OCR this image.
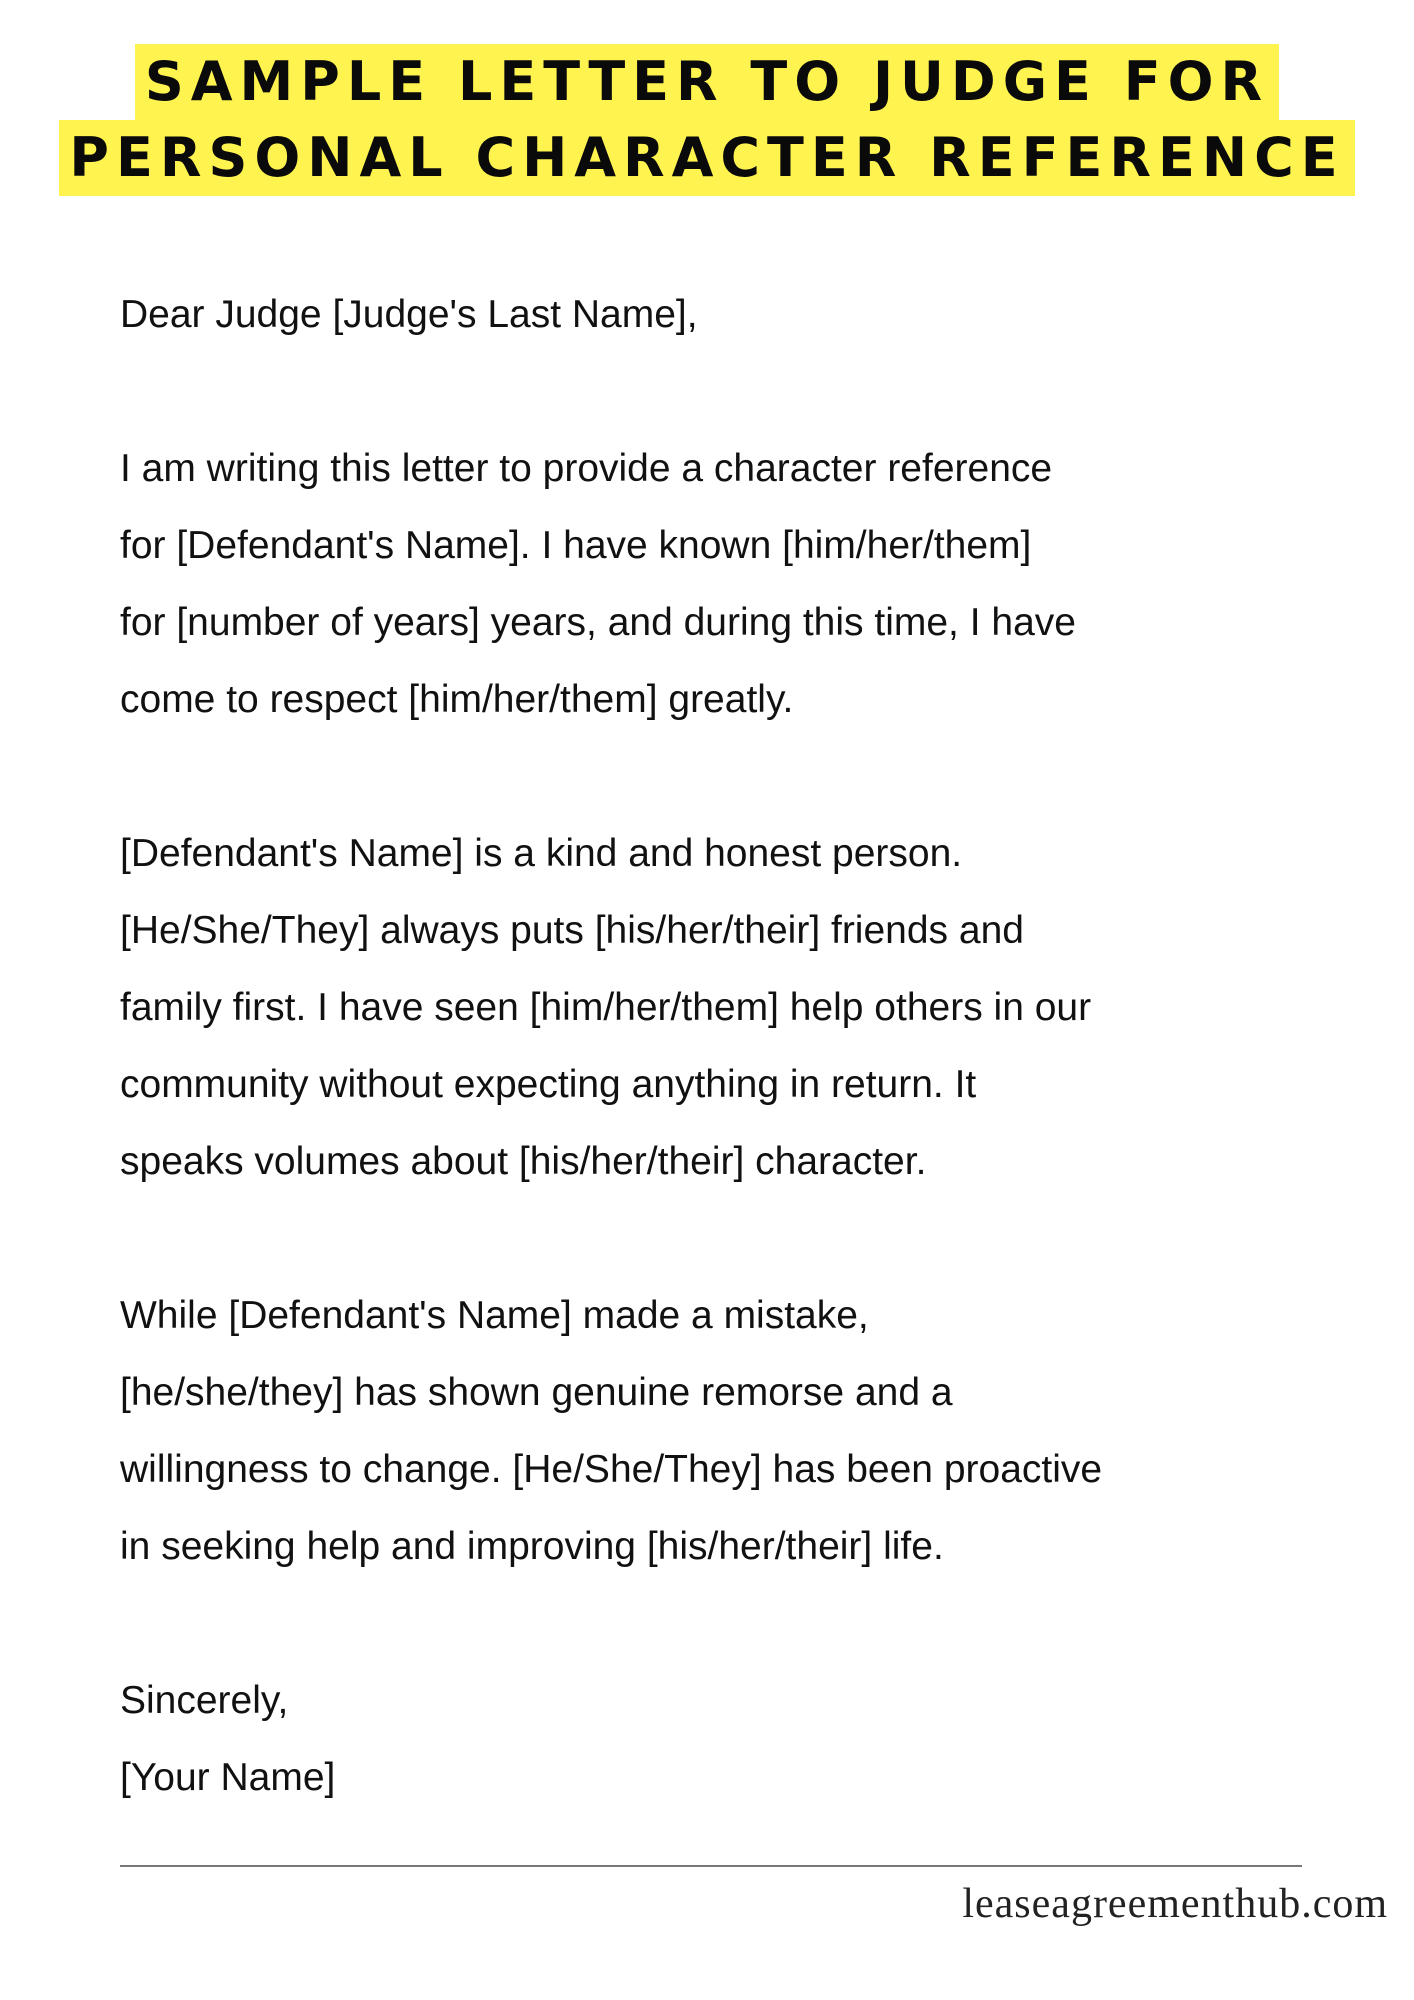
SAMPLE LETTER TO JUDGE FOR
PERSONAL CHARACTER REFERENCE

Dear Judge [Judge's Last Name],

I am writing this letter to provide a character reference

for [Defendant's Name]. I have known [him/her/them]

for [number of years] years, and during this time, I have

come to respect [him/her/them] greatly.

[Defendant's Name] is a kind and honest person.

[He/She/They] always puts [his/her/their] friends and

family first. I have seen [him/her/them] help others in our

community without expecting anything in return. It

speaks volumes about [his/her/their] character.

While [Defendant's Name] made a mistake,

[he/she/they] has shown genuine remorse and a

willingness to change. [He/She/They] has been proactive

in seeking help and improving [his/her/their] life.

Sincerely,

[Your Name]

leaseagreementhub.com
